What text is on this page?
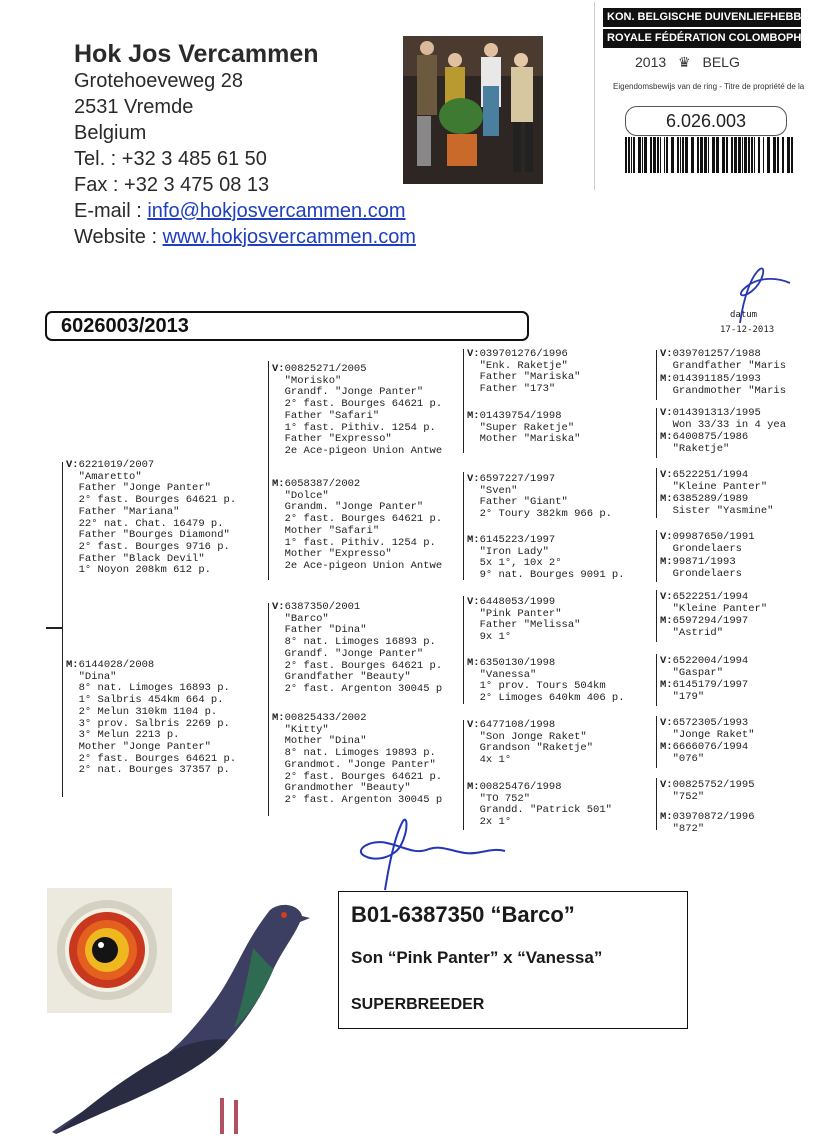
Hok Jos Vercammen
Grotehoeveweg 28
2531 Vremde
Belgium
Tel. : +32 3 485 61 50
Fax : +32 3 475 08 13
E-mail : info@hokjosvercammen.com
Website : www.hokjosvercammen.com
KON. BELGISCHE DUIVENLIEFHEBBERSB
ROYALE FÉDÉRATION COLOMBOPHILE B
2013 ♛ BELG
Eigendomsbewijs van de ring - Titre de propriété de la
6.026.003
6026003/2013	datum
17-12-2013
V:6221019/2007
"Amaretto"
Father "Jonge Panter"
2° fast. Bourges 64621 p.
Father "Mariana"
22° nat. Chat. 16479 p.
Father "Bourges Diamond"
2° fast. Bourges 9716 p.
Father "Black Devil"
1° Noyon 208km 612 p.
M:6144028/2008
"Dina"
8° nat. Limoges 16893 p.
1° Salbris 454km 664 p.
2° Melun 310km 1104 p.
3° prov. Salbris 2269 p.
3° Melun 2213 p.
Mother "Jonge Panter"
2° fast. Bourges 64621 p.
2° nat. Bourges 37357 p.
V:00825271/2005
"Morisko"
Grandf. "Jonge Panter"
2° fast. Bourges 64621 p.
Father "Safari"
1° fast. Pithiv. 1254 p.
Father "Expresso"
2e Ace-pigeon Union Antwe
M:6058387/2002
"Dolce"
Grandm. "Jonge Panter"
2° fast. Bourges 64621 p.
Mother "Safari"
1° fast. Pithiv. 1254 p.
Mother "Expresso"
2e Ace-pigeon Union Antwe
V:6387350/2001
"Barco"
Father "Dina"
8° nat. Limoges 16893 p.
Grandf. "Jonge Panter"
2° fast. Bourges 64621 p.
Grandfather "Beauty"
2° fast. Argenton 30045 p
M:00825433/2002
"Kitty"
Mother "Dina"
8° nat. Limoges 19893 p.
Grandmot. "Jonge Panter"
2° fast. Bourges 64621 p.
Grandmother "Beauty"
2° fast. Argenton 30045 p
V:039701276/1996
"Enk. Raketje"
Father "Mariska"
Father "173"
M:01439754/1998
"Super Raketje"
Mother "Mariska"
V:6597227/1997
"Sven"
Father "Giant"
2° Toury 382km 966 p.
M:6145223/1997
"Iron Lady"
5x 1°, 10x 2°
9° nat. Bourges 9091 p.
V:6448053/1999
"Pink Panter"
Father "Melissa"
9x 1°
M:6350130/1998
"Vanessa"
1° prov. Tours 504km
2° Limoges 640km 406 p.
V:6477108/1998
"Son Jonge Raket"
Grandson "Raketje"
4x 1°
M:00825476/1998
"TO 752"
Grandd. "Patrick 501"
2x 1°
V:039701257/1988
Grandfather "Maris
M:014391185/1993
Grandmother "Maris
V:014391313/1995
Won 33/33 in 4 yea
M:6400875/1986
"Raketje"
V:6522251/1994
"Kleine Panter"
M:6385289/1989
Sister "Yasmine"
V:09987650/1991
Grondelaers
M:99871/1993
Grondelaers
V:6522251/1994
"Kleine Panter"
M:6597294/1997
"Astrid"
V:6522004/1994
"Gaspar"
M:6145179/1997
"179"
V:6572305/1993
"Jonge Raket"
M:6666076/1994
"076"
V:00825752/1995
"752"
M:03970872/1996
"872"
B01-6387350 “Barco”
Son “Pink Panter” x “Vanessa”
SUPERBREEDER
